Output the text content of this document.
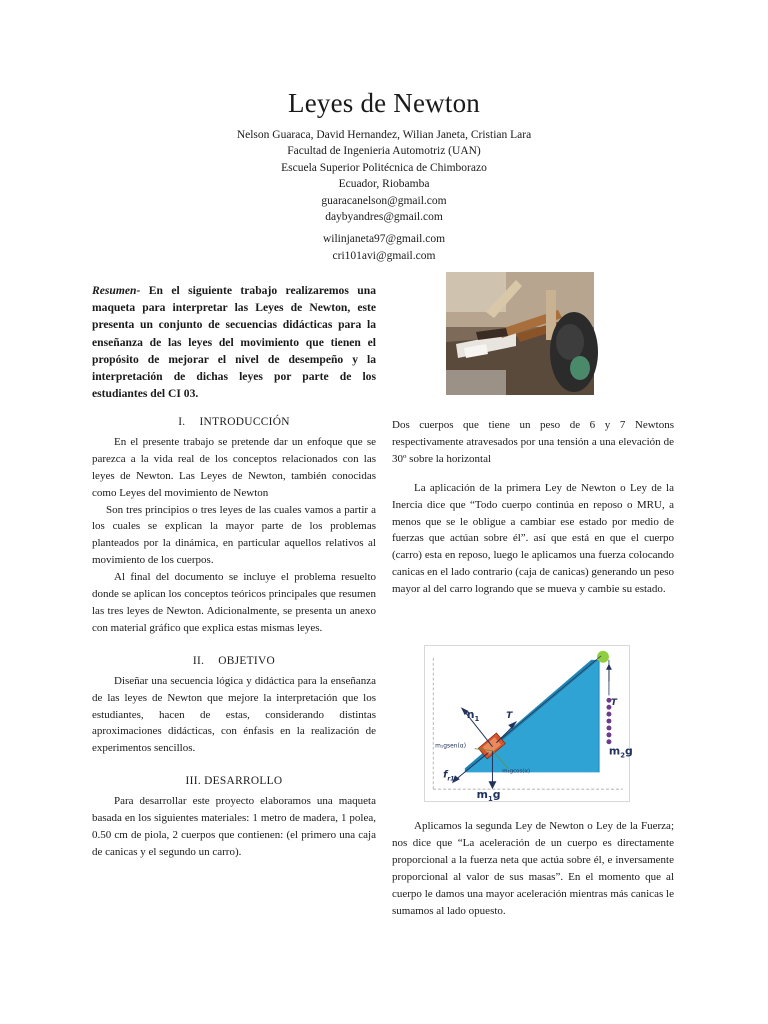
Leyes de Newton
Nelson Guaraca, David Hernandez, Wilian Janeta, Cristian Lara
Facultad de Ingenieria Automotriz (UAN)
Escuela Superior Politécnica de Chimborazo
Ecuador, Riobamba
guaracanelson@gmail.com
daybyandres@gmail.com
wilinjaneta97@gmail.com
cri101avi@gmail.com
Resumen- En el siguiente trabajo realizaremos una maqueta para interpretar las Leyes de Newton, este presenta un conjunto de secuencias didácticas para la enseñanza de las leyes del movimiento que tienen el propósito de mejorar el nivel de desempeño y la interpretación de dichas leyes por parte de los estudiantes del CI 03.
I. INTRODUCCIÓN

En el presente trabajo se pretende dar un enfoque que se parezca a la vida real de los conceptos relacionados con las leyes de Newton. Las Leyes de Newton, también conocidas como Leyes del movimiento de Newton

Son tres principios o tres leyes de las cuales vamos a partir a los cuales se explican la mayor parte de los problemas planteados por la dinámica, en particular aquellos relativos al movimiento de los cuerpos.

Al final del documento se incluye el problema resuelto donde se aplican los conceptos teóricos principales que resumen las tres leyes de Newton. Adicionalmente, se presenta un anexo con material gráfico que explica estas mismas leyes.

II. OBJETIVO

Diseñar una secuencia lógica y didáctica para la enseñanza de las leyes de Newton que mejore la interpretación que los estudiantes, hacen de estas, considerando distintas aproximaciones didácticas, con énfasis en la realización de experimentos sencillos.

III. DESARROLLO

Para desarrollar este proyecto elaboramos una maqueta basada en los siguientes materiales: 1 metro de madera, 1 polea, 0.50 cm de piola, 2 cuerpos que contienen: (el primero una caja de canicas y el segundo un carro).

Dos cuerpos que tiene un peso de 6 y 7 Newtons respectivamente atravesados por una tensión a una elevación de 30º sobre la horizontal

La aplicación de la primera Ley de Newton o Ley de la Inercia dice que “Todo cuerpo continúa en reposo o MRU, a menos que se le obligue a cambiar ese estado por medio de fuerzas que actúan sobre él”. así que está en que el cuerpo (carro) esta en reposo, luego le aplicamos una fuerza colocando canicas en el lado contrario (caja de canicas) generando un peso mayor al del carro logrando que se mueva y cambie su estado.

$n_1$	T
T
$m_2g$
$m_1g$
$f_{r1}$
m₁gsen(α)
m₁gcos(α)

Aplicamos la segunda Ley de Newton o Ley de la Fuerza; nos dice que “La aceleración de un cuerpo es directamente proporcional a la fuerza neta que actúa sobre él, e inversamente proporcional al valor de sus masas”. En el momento que al cuerpo le damos una mayor aceleración mientras más canicas le sumamos al lado opuesto.
